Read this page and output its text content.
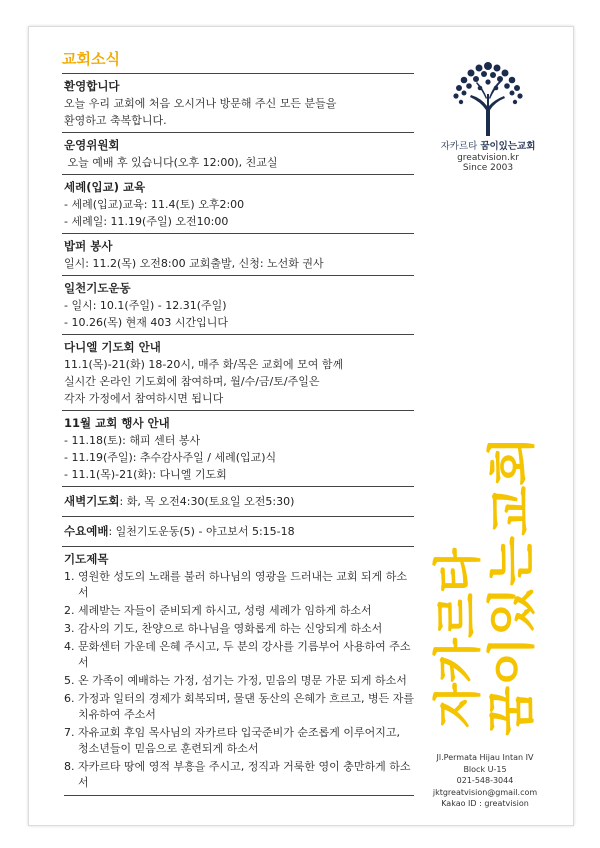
교회소식
환영합니다
오늘 우리 교회에 처음 오시거나 방문해 주신 모든 분들을
환영하고 축복합니다.
운영위원회
오늘 예배 후 있습니다(오후 12:00), 친교실
세례(입교) 교육
- 세례(입교)교육: 11.4(토) 오후2:00
- 세례일: 11.19(주일) 오전10:00
밥퍼 봉사
일시: 11.2(목) 오전8:00 교회출발, 신청: 노선화 권사
일천기도운동
- 일시: 10.1(주일) - 12.31(주일)
- 10.26(목) 현재 403 시간입니다
다니엘 기도회 안내
11.1(목)-21(화) 18-20시, 매주 화/목은 교회에 모여 함께
실시간 온라인 기도회에 참여하며, 월/수/금/토/주일은
각자 가정에서 참여하시면 됩니다
11월 교회 행사 안내
- 11.18(토): 해피 센터 봉사
- 11.19(주일): 추수감사주일 / 세례(입교)식
- 11.1(목)-21(화): 다니엘 기도회
새벽기도회: 화, 목 오전4:30(토요일 오전5:30)
수요예배: 일천기도운동(5) - 야고보서 5:15-18
기도제목
1. 영원한 성도의 노래를 불러 하나님의 영광을 드러내는 교회 되게 하소서
2. 세례받는 자들이 준비되게 하시고, 성령 세례가 임하게 하소서
3. 감사의 기도, 찬양으로 하나님을 영화롭게 하는 신앙되게 하소서
4. 문화센터 가운데 은혜 주시고, 두 분의 강사를 기름부어 사용하여 주소서
5. 온 가족이 예배하는 가정, 섬기는 가정, 믿음의 명문 가문 되게 하소서
6. 가정과 일터의 경제가 회복되며, 물댄 동산의 은혜가 흐르고, 병든 자를 치유하여 주소서
7. 자유교회 후임 목사님의 자카르타 입국준비가 순조롭게 이루어지고, 청소년들이 믿음으로 훈련되게 하소서
8. 자카르타 땅에 영적 부흥을 주시고, 정직과 거룩한 영이 충만하게 하소서
자카르타 꿈이있는교회
greatvision.kr
Since 2003
자카르타
꿈이있는교회
Jl.Permata Hijau Intan IV
Block U-15
021-548-3044
jktgreatvision@gmail.com
Kakao ID : greatvision
